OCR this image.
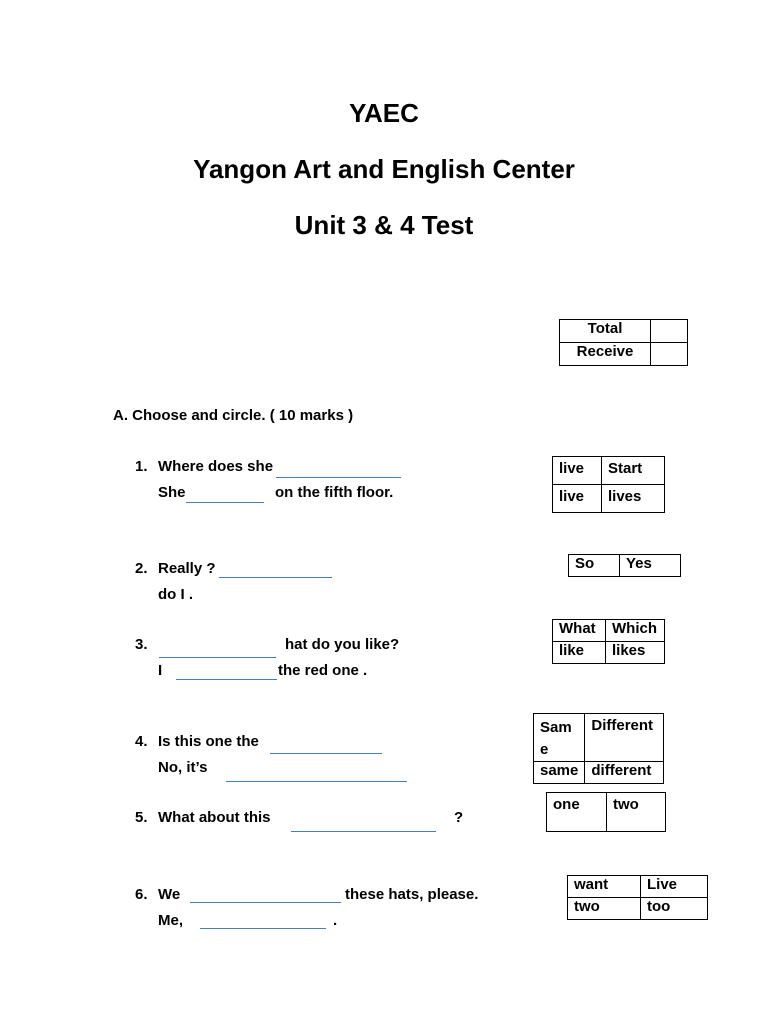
YAEC
Yangon Art and English Center
Unit 3 & 4 Test
Total	
Receive	
A. Choose and circle. ( 10 marks )
1. Where does she
She	on the fifth floor.
live	Start
live	lives
2. Really ?
do I .
So	Yes
3.	hat do you like?
I	the red one .
What	Which
like	likes
4. Is this one the
No, it’s
Sam e	Different
same	different
5. What about this	?
one	two
6. We	these hats, please.
Me,	.
want	Live
two	too
